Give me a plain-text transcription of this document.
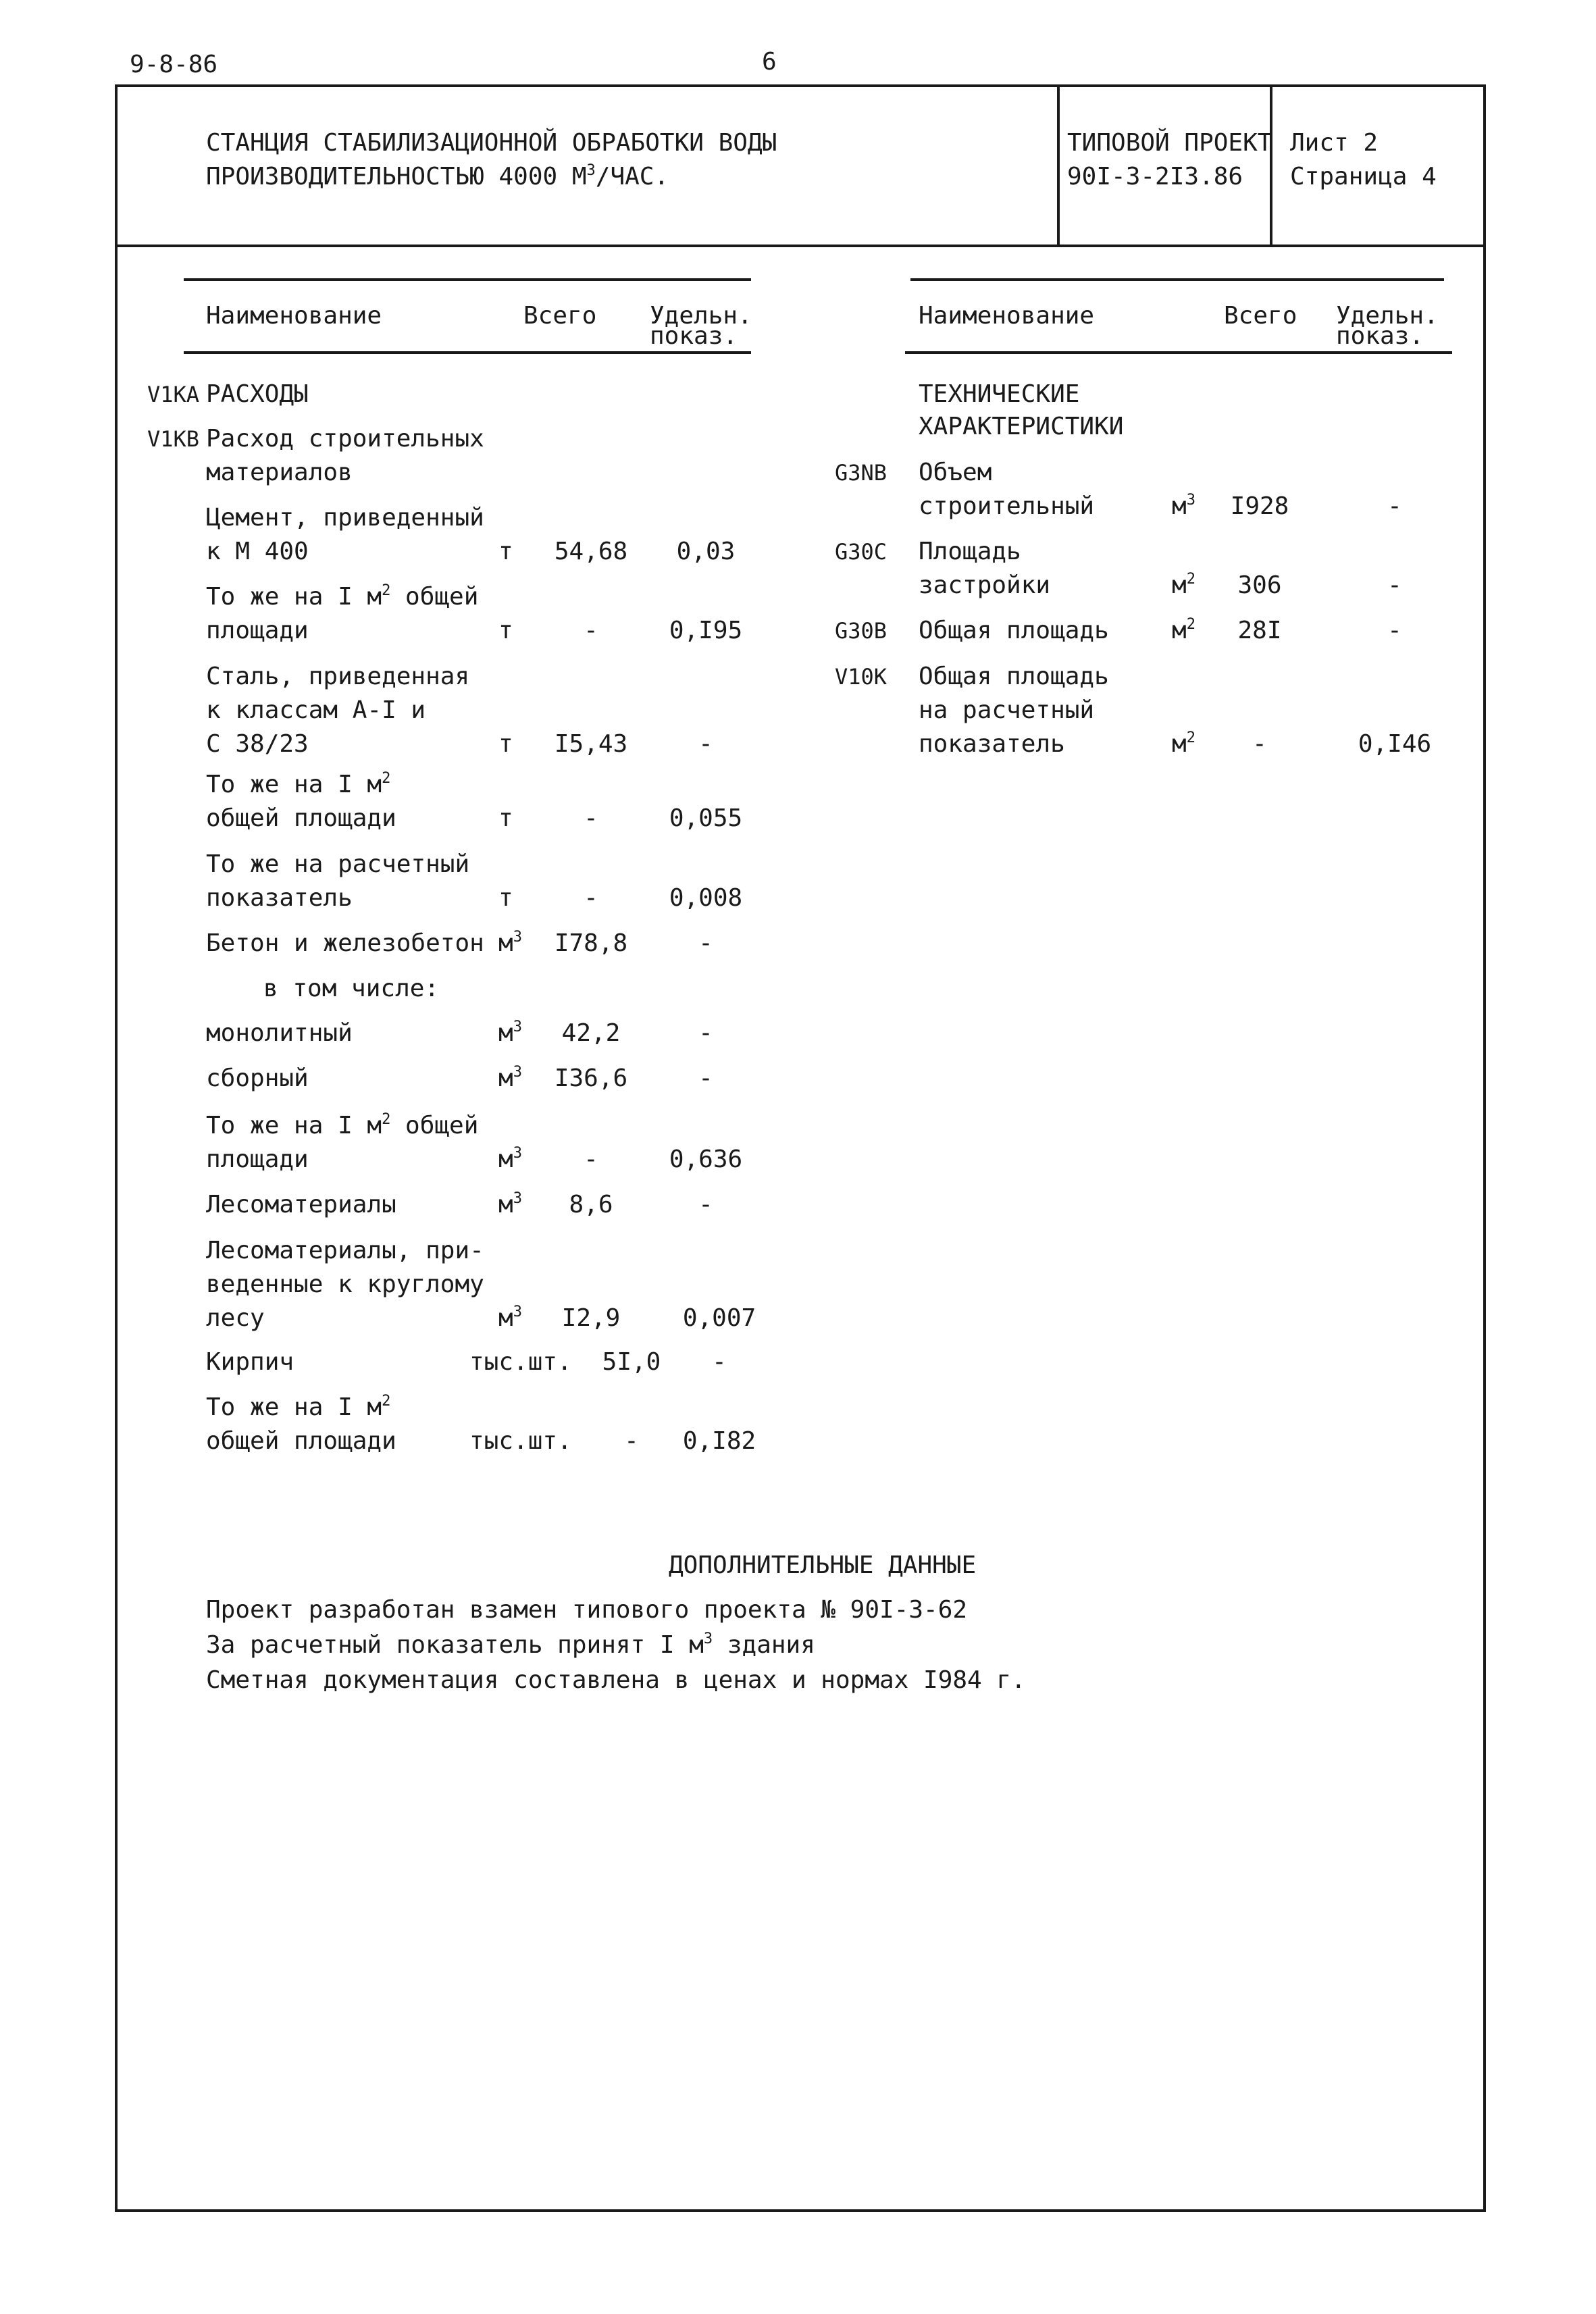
9-8-86	6
СТАНЦИЯ СТАБИЛИЗАЦИОННОЙ ОБРАБОТКИ ВОДЫ
ПРОИЗВОДИТЕЛЬНОСТЬЮ 4000 $М^3$/ЧАС.
ТИПОВОЙ ПРОЕКТ
90I-3-2I3.86
Лист 2
Страница 4
Наименование	Всего Удельн.
показ.
V1KA РАСХОДЫ
V1KB Расход строительных
материалов
Цемент, приведенный
к М 400	т	54,68	0,03
То же на I $м^2$ общей
площади	т	-	0,I95
Сталь, приведенная
к классам А-I и
С 38/23	т	I5,43	-
То же на I $м^2$
общей площади	т	-	0,055
То же на расчетный
показатель	т	-	0,008
Бетон и железобетон $м^3$	I78,8	-
в том числе:
монолитный	$м^3$	42,2	-
сборный	$м^3$	I36,6	-
То же на I $м^2$ общей
площади	$м^3$	-	0,636
Лесоматериалы	$м^3$	8,6	-
Лесоматериалы, при-
веденные к круглому
лесу	$м^3$	I2,9	0,007
Кирпич	тыс.шт.	5I,0	-
То же на I $м^2$
общей площади	тыс.шт.	-	0,I82
Наименование	Всего Удельн.
показ.
ТЕХНИЧЕСКИЕ
ХАРАКТЕРИСТИКИ
G3NB Объем
строительный	$м^3$	I928	-
G30C Площадь
застройки	$м^2$	306	-
G30B Общая площадь	$м^2$	28I	-
V10K Общая площадь
на расчетный
показатель	$м^2$	-	0,I46
ДОПОЛНИТЕЛЬНЫЕ ДАННЫЕ
Проект разработан взамен типового проекта № 90I-3-62
За расчетный показатель принят I $м^3$ здания
Сметная документация составлена в ценах и нормах I984 г.
